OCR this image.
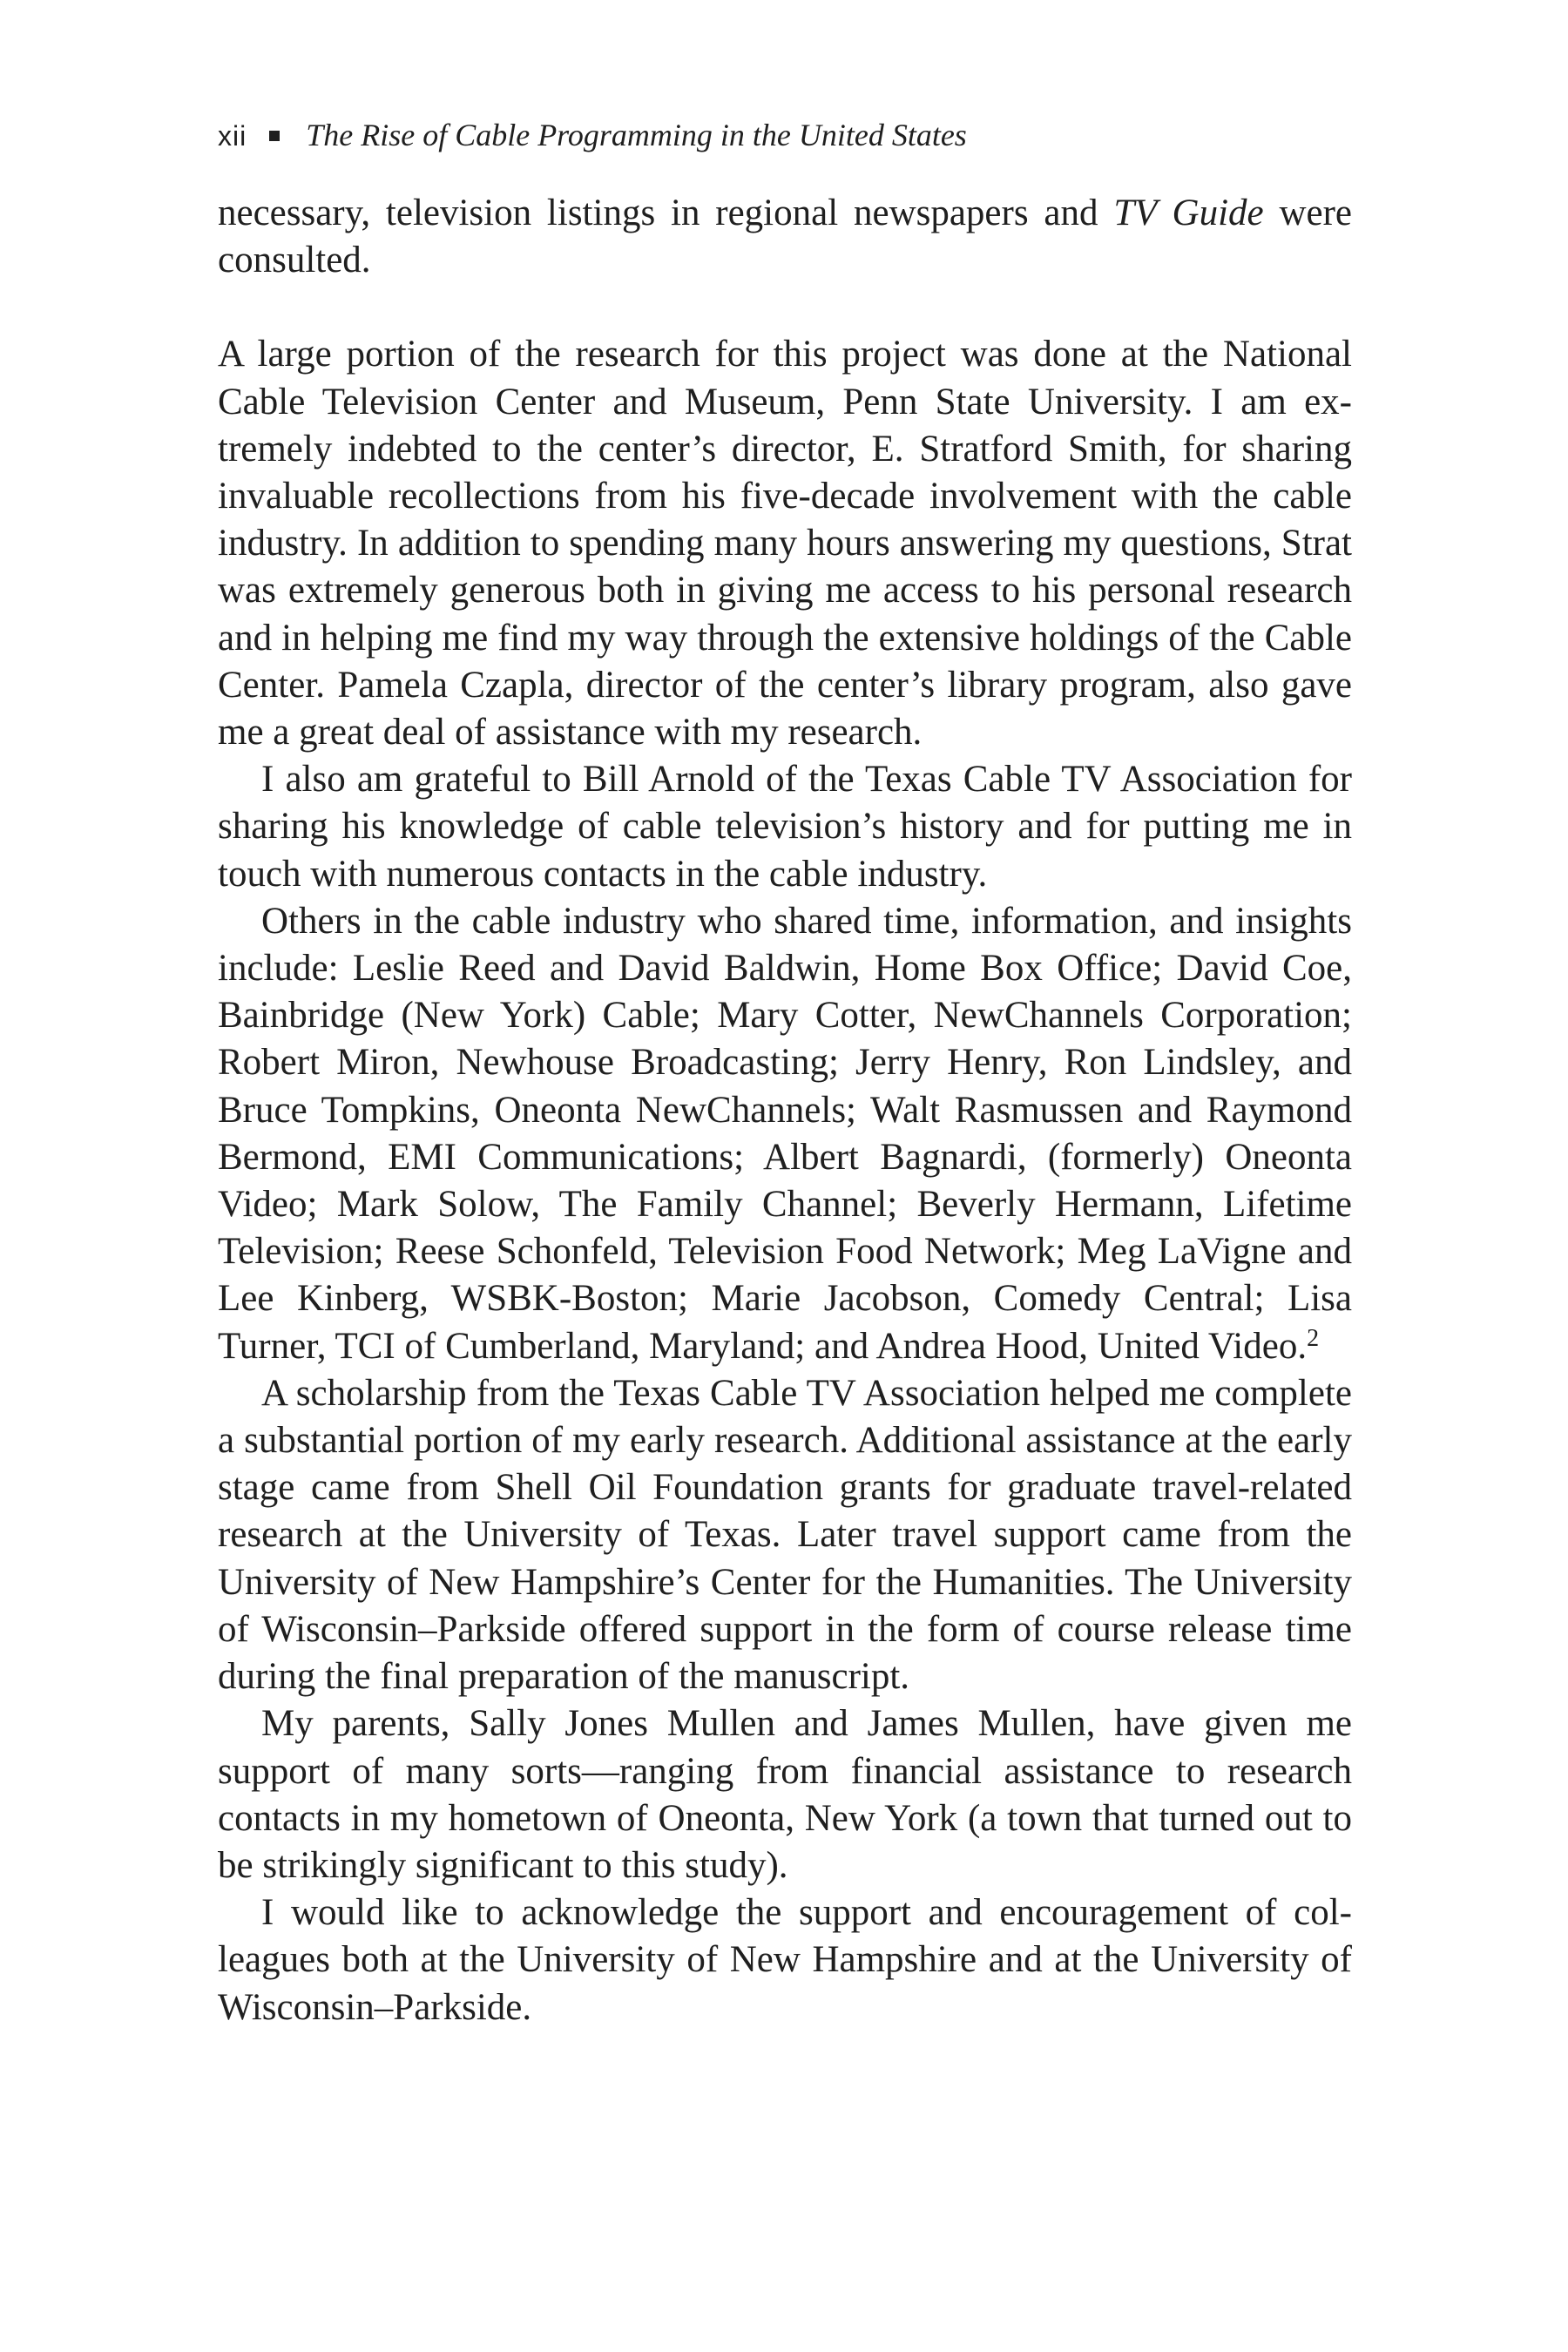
xii The Rise of Cable Programming in the United States

necessary, television listings in regional newspapers and TV Guide were consulted.

A large portion of the research for this project was done at the National Cable Television Center and Museum, Penn State University. I am extremely indebted to the center’s director, E. Stratford Smith, for sharing invaluable recollections from his five-decade involvement with the cable industry. In addition to spending many hours answering my questions, Strat was extremely generous both in giving me access to his personal research and in helping me find my way through the extensive holdings of the Cable Center. Pamela Czapla, director of the center’s library program, also gave me a great deal of assistance with my research.

I also am grateful to Bill Arnold of the Texas Cable TV Association for sharing his knowledge of cable television’s history and for putting me in touch with numerous contacts in the cable industry.

Others in the cable industry who shared time, information, and insights include: Leslie Reed and David Baldwin, Home Box Office; David Coe, Bainbridge (New York) Cable; Mary Cotter, NewChannels Corporation; Robert Miron, Newhouse Broadcasting; Jerry Henry, Ron Lindsley, and Bruce Tompkins, Oneonta NewChannels; Walt Rasmussen and Raymond Bermond, EMI Communications; Albert Bagnardi, (formerly) Oneonta Video; Mark Solow, The Family Channel; Beverly Hermann, Lifetime Television; Reese Schonfeld, Television Food Network; Meg LaVigne and Lee Kinberg, WSBK-Boston; Marie Jacobson, Comedy Central; Lisa Turner, TCI of Cumberland, Maryland; and Andrea Hood, United Video.$^2$

A scholarship from the Texas Cable TV Association helped me complete a substantial portion of my early research. Additional assistance at the early stage came from Shell Oil Foundation grants for graduate travel-related research at the University of Texas. Later travel support came from the University of New Hampshire’s Center for the Humanities. The University of Wisconsin–Parkside offered support in the form of course release time during the final preparation of the manuscript.

My parents, Sally Jones Mullen and James Mullen, have given me support of many sorts—ranging from financial assistance to research contacts in my hometown of Oneonta, New York (a town that turned out to be strikingly significant to this study).

I would like to acknowledge the support and encouragement of colleagues both at the University of New Hampshire and at the University of Wisconsin–Parkside.
